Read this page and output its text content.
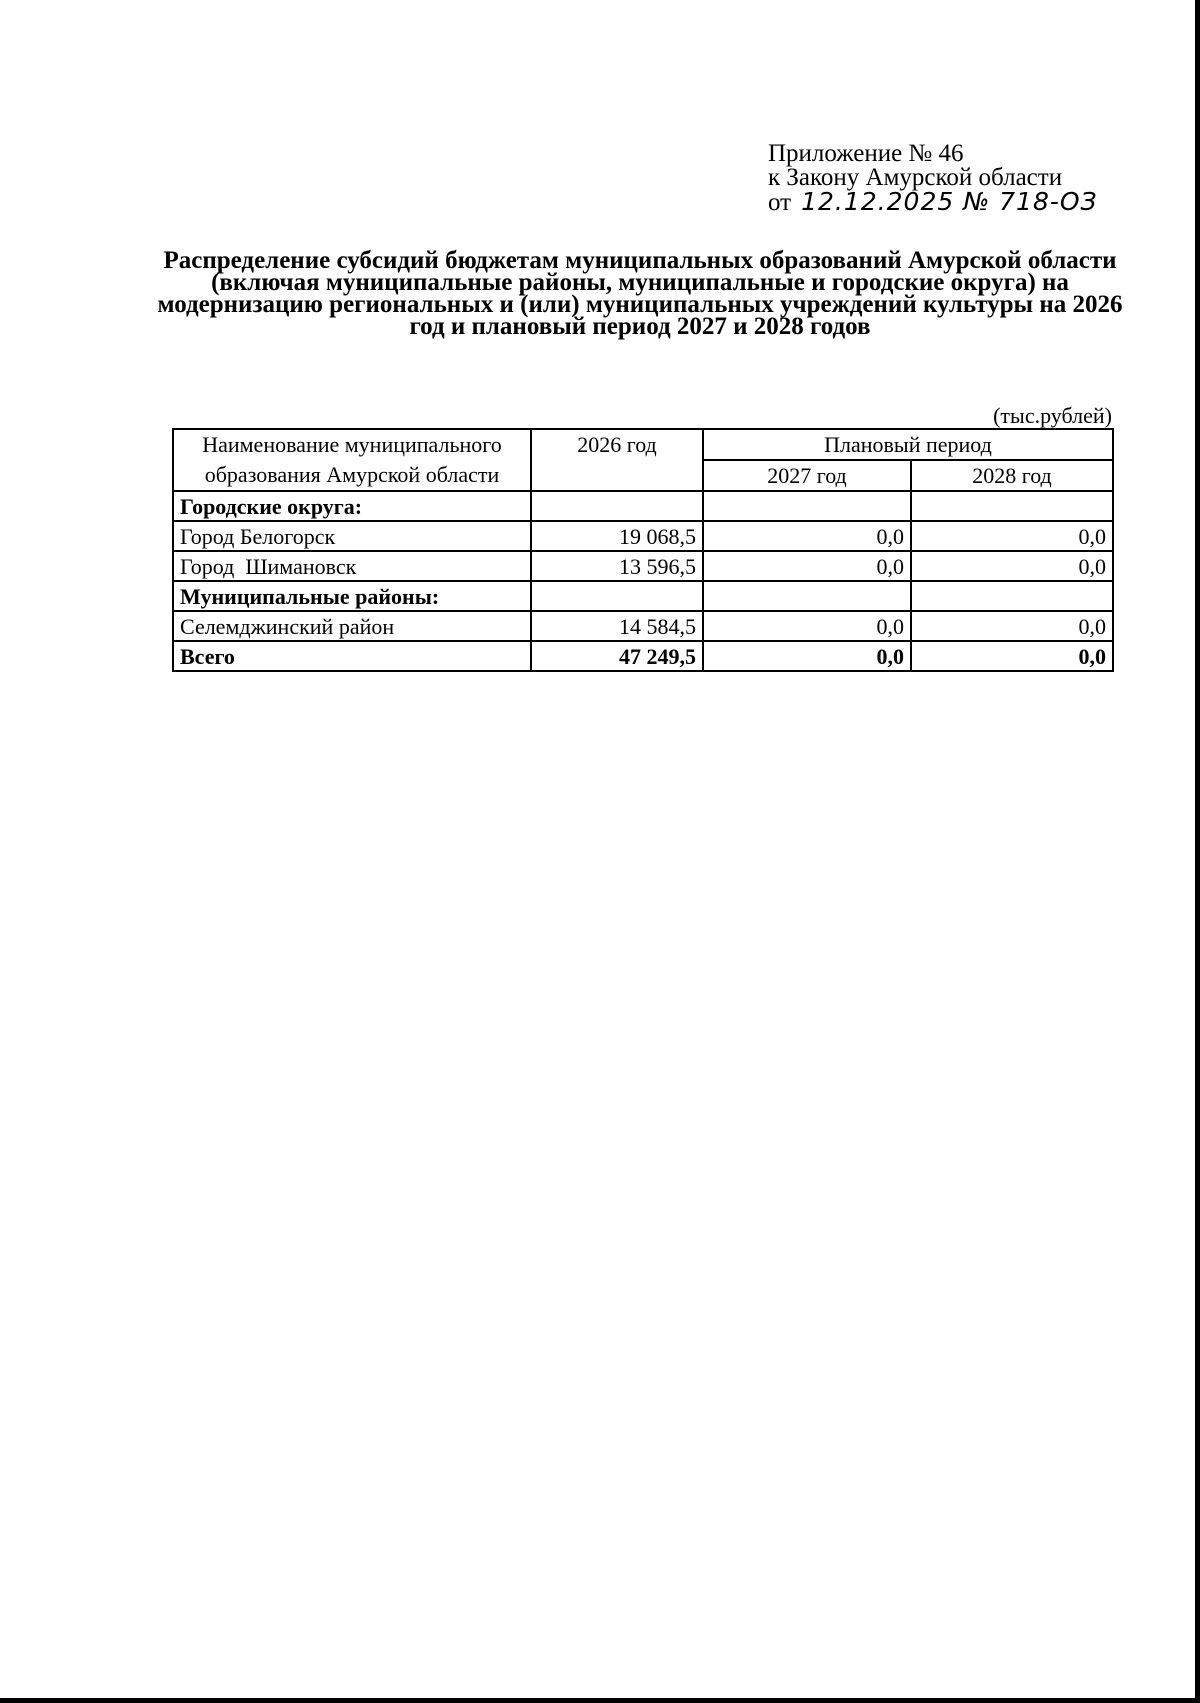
Приложение № 46
к Закону Амурской области
от 12.12.2025 № 718-ОЗ
Распределение субсидий бюджетам муниципальных образований Амурской области (включая муниципальные районы, муниципальные и городские округа) на модернизацию региональных и (или) муниципальных учреждений культуры на 2026 год и плановый период 2027 и 2028 годов
(тыс.рублей)
Наименование муниципального образования Амурской области	2026 год	Плановый период	
		2027 год	2028 год
Городские округа:			
Город Белогорск	19 068,5	0,0	0,0
Город  Шимановск	13 596,5	0,0	0,0
Муниципальные районы:			
Селемджинский район	14 584,5	0,0	0,0
Всего	47 249,5	0,0	0,0
